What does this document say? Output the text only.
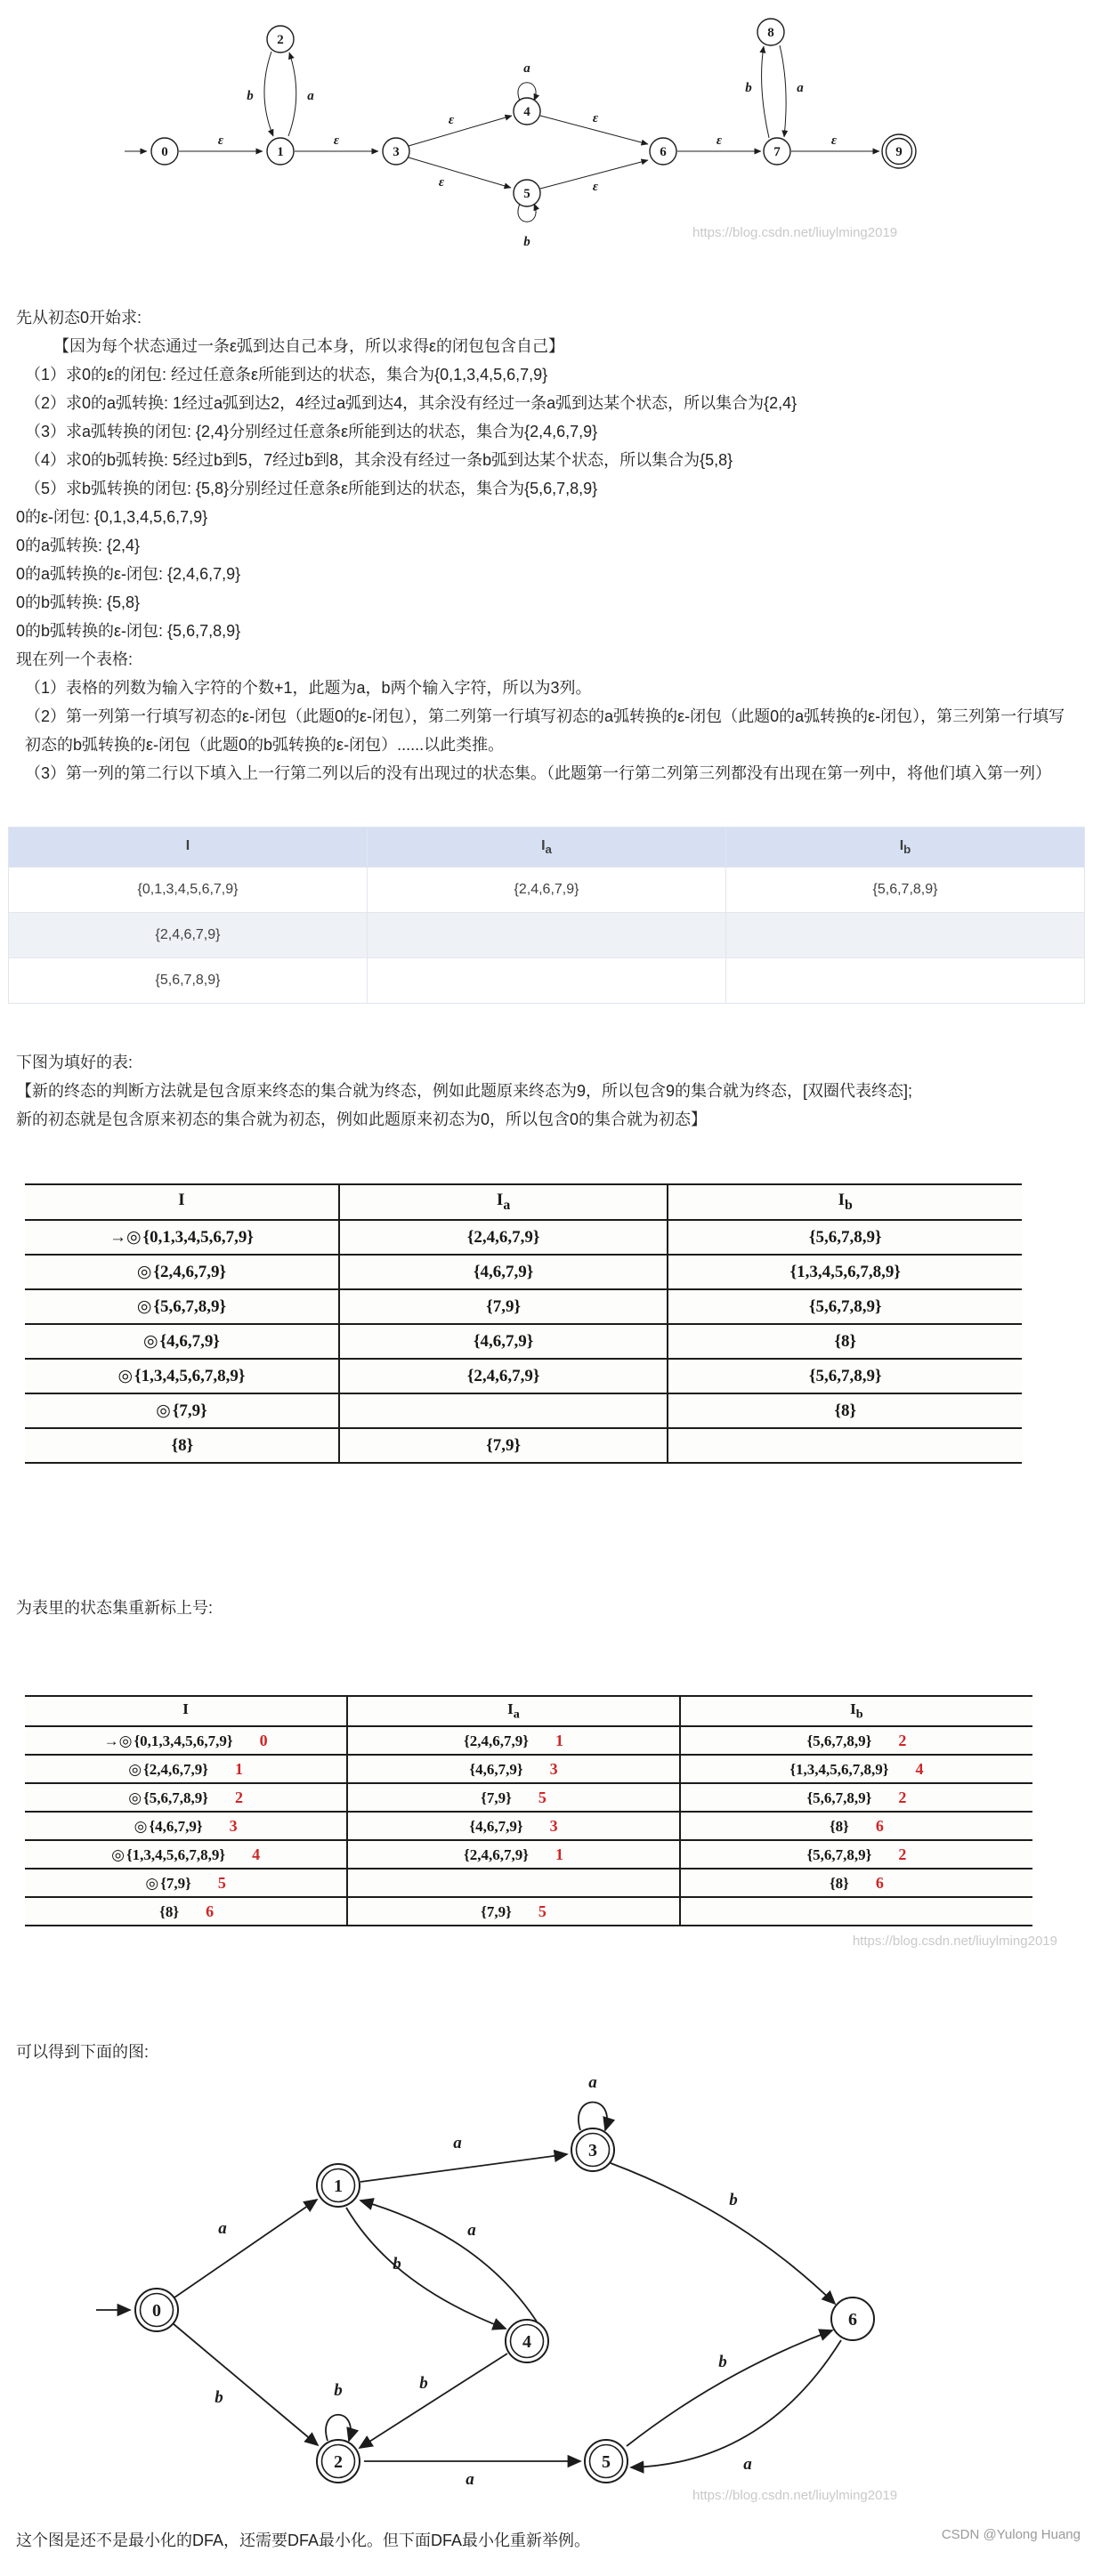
ε
b	a
ε
ε
ε
a
ε
ε
b
ε
b	a
ε
0	1
2
3
4
5
6	7
8
9
https://blog.csdn.net/liuylming2019

先从初态0开始求:

【因为每个状态通过一条ε弧到达自己本身，所以求得ε的闭包包含自己】

（1）求0的ε的闭包: 经过任意条ε所能到达的状态，集合为{0,1,3,4,5,6,7,9}

（2）求0的a弧转换: 1经过a弧到达2，4经过a弧到达4，其余没有经过一条a弧到达某个状态，所以集合为{2,4}

（3）求a弧转换的闭包: {2,4}分别经过任意条ε所能到达的状态，集合为{2,4,6,7,9}

（4）求0的b弧转换: 5经过b到5，7经过b到8，其余没有经过一条b弧到达某个状态，所以集合为{5,8}

（5）求b弧转换的闭包: {5,8}分别经过任意条ε所能到达的状态，集合为{5,6,7,8,9}

0的ε-闭包: {0,1,3,4,5,6,7,9}

0的a弧转换: {2,4}

0的a弧转换的ε-闭包: {2,4,6,7,9}

0的b弧转换: {5,8}

0的b弧转换的ε-闭包: {5,6,7,8,9}

现在列一个表格:

（1）表格的列数为输入字符的个数+1，此题为a，b两个输入字符，所以为3列。

（2）第一列第一行填写初态的ε-闭包（此题0的ε-闭包），第二列第一行填写初态的a弧转换的ε-闭包（此题0的a弧转换的ε-闭包），第三列第一行填写初态的b弧转换的ε-闭包（此题0的b弧转换的ε-闭包）......以此类推。

（3）第一列的第二行以下填入上一行第二列以后的没有出现过的状态集。（此题第一行第二列第三列都没有出现在第一列中，将他们填入第一列）

I	$I_a$	$I_b$
{0,1,3,4,5,6,7,9}	{2,4,6,7,9}	{5,6,7,8,9}
{2,4,6,7,9}		
{5,6,7,8,9}		

下图为填好的表:

【新的终态的判断方法就是包含原来终态的集合就为终态，例如此题原来终态为9，所以包含9的集合就为终态，[双圈代表终态];

新的初态就是包含原来初态的集合就为初态，例如此题原来初态为0，所以包含0的集合就为初态】

I	$I_a$	$I_b$
→◎ {0,1,3,4,5,6,7,9}	{2,4,6,7,9}	{5,6,7,8,9}
◎ {2,4,6,7,9}	{4,6,7,9}	{1,3,4,5,6,7,8,9}
◎ {5,6,7,8,9}	{7,9}	{5,6,7,8,9}
◎ {4,6,7,9}	{4,6,7,9}	{8}
◎ {1,3,4,5,6,7,8,9}	{2,4,6,7,9}	{5,6,7,8,9}
◎ {7,9}		{8}
{8}	{7,9}	

为表里的状态集重新标上号:

I	$I_a$	$I_b$
→◎ {0,1,3,4,5,6,7,9} 0	{2,4,6,7,9} 1	{5,6,7,8,9} 2
◎ {2,4,6,7,9} 1	{4,6,7,9} 3	{1,3,4,5,6,7,8,9} 4
◎ {5,6,7,8,9} 2	{7,9} 5	{5,6,7,8,9} 2
◎ {4,6,7,9} 3	{4,6,7,9} 3	{8} 6
◎ {1,3,4,5,6,7,8,9} 4	{2,4,6,7,9} 1	{5,6,7,8,9} 2
◎ {7,9} 5		{8} 6
{8} 6	{7,9} 5	
https://blog.csdn.net/liuylming2019

可以得到下面的图:

a
b
a
a
b
a
b
b
b
a
b
a
0
1
2
3
4
5
6
https://blog.csdn.net/liuylming2019

这个图是还不是最小化的DFA，还需要DFA最小化。但下面DFA最小化重新举例。	CSDN @Yulong Huang
